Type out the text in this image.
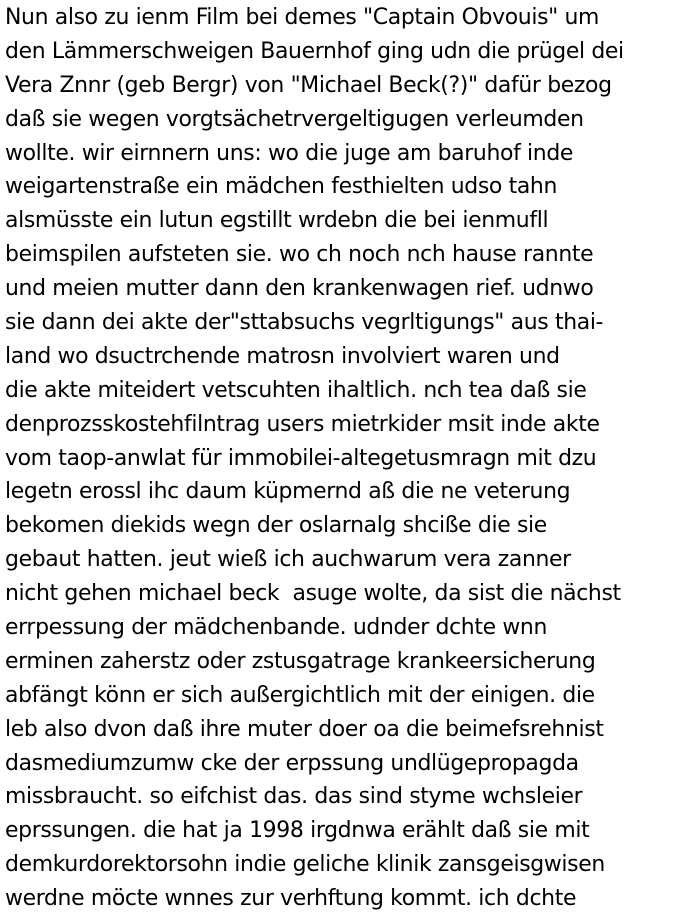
Nun also zu ienm Film bei demes "Captain Obvouis" um
den Lämmerschweigen Bauernhof ging udn die prügel dei
Vera Znnr (geb Bergr) von "Michael Beck(?)" dafür bezog
daß sie wegen vorgtsächetrvergeltigugen verleumden
wollte. wir eirnnern uns: wo die juge am baruhof inde
weigartenstraße ein mädchen festhielten udso tahn
alsmüsste ein lutun egstillt wrdebn die bei ienmufll
beimspilen aufsteten sie. wo ch noch nch hause rannte
und meien mutter dann den krankenwagen rief. udnwo
sie dann dei akte der"sttabsuchs vegrltigungs" aus thai-
land wo dsuctrchende matrosn involviert waren und
die akte miteidert vetscuhten ihaltlich. nch tea daß sie
denprozsskostehfilntrag users mietrkider msit inde akte
vom taop-anwlat für immobilei-altegetusmragn mit dzu
legetn erossl ihc daum küpmernd aß die ne veterung
bekomen diekids wegn der oslarnalg shciße die sie
gebaut hatten. jeut wieß ich auchwarum vera zanner
nicht gehen michael beck  asuge wolte, da sist die nächst
errpessung der mädchenbande. udnder dchte wnn
erminen zaherstz oder zstusgatrage krankeersicherung
abfängt könn er sich außergichtlich mit der einigen. die
leb also dvon daß ihre muter doer oa die beimefsrehnist
dasmediumzumw cke der erpssung undlügepropagda
missbraucht. so eifchist das. das sind styme wchsleier
eprssungen. die hat ja 1998 irgdnwa erählt daß sie mit
demkurdorektorsohn indie geliche klinik zansgeisgwisen
werdne möcte wnnes zur verhftung kommt. ich dchte
